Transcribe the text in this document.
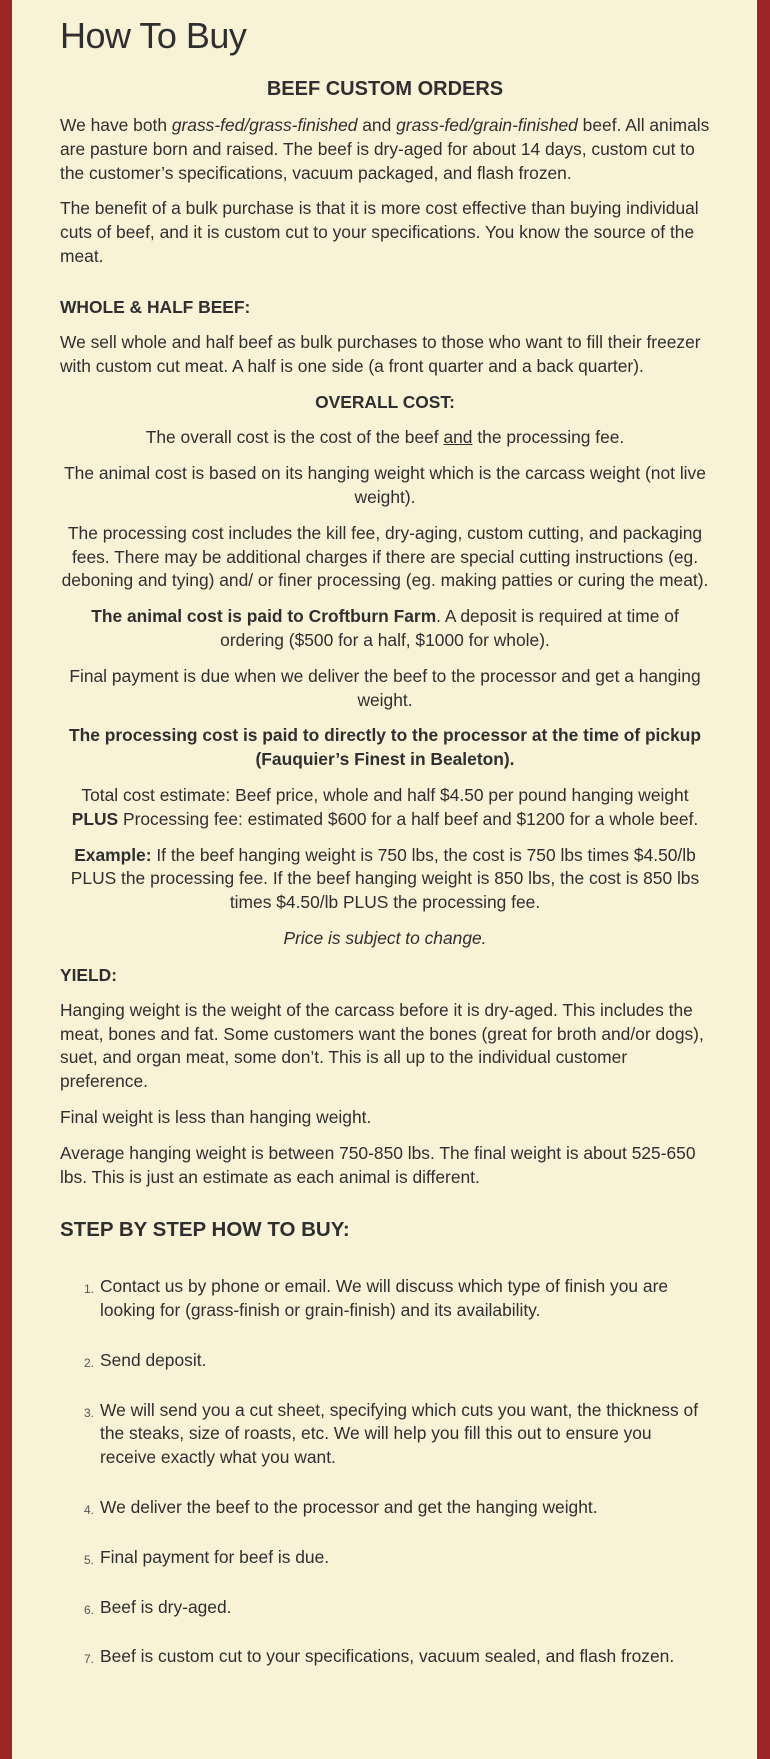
How To Buy
BEEF CUSTOM ORDERS

We have both grass-fed/grass-finished and grass-fed/grain-finished beef. All animals are pasture born and raised. The beef is dry-aged for about 14 days, custom cut to the customer’s specifications, vacuum packaged, and flash frozen.

The benefit of a bulk purchase is that it is more cost effective than buying individual cuts of beef, and it is custom cut to your specifications. You know the source of the meat.

WHOLE & HALF BEEF:

We sell whole and half beef as bulk purchases to those who want to fill their freezer with custom cut meat. A half is one side (a front quarter and a back quarter).

OVERALL COST:

The overall cost is the cost of the beef and the processing fee.

The animal cost is based on its hanging weight which is the carcass weight (not live weight).

The processing cost includes the kill fee, dry-aging, custom cutting, and packaging fees. There may be additional charges if there are special cutting instructions (eg. deboning and tying) and/ or finer processing (eg. making patties or curing the meat).

The animal cost is paid to Croftburn Farm. A deposit is required at time of ordering ($500 for a half, $1000 for whole).

Final payment is due when we deliver the beef to the processor and get a hanging weight.

The processing cost is paid to directly to the processor at the time of pickup (Fauquier’s Finest in Bealeton).

Total cost estimate: Beef price, whole and half $4.50 per pound hanging weight PLUS Processing fee: estimated $600 for a half beef and $1200 for a whole beef.

Example: If the beef hanging weight is 750 lbs, the cost is 750 lbs times $4.50/lb PLUS the processing fee. If the beef hanging weight is 850 lbs, the cost is 850 lbs times $4.50/lb PLUS the processing fee.

Price is subject to change.

YIELD:

Hanging weight is the weight of the carcass before it is dry-aged. This includes the meat, bones and fat. Some customers want the bones (great for broth and/or dogs), suet, and organ meat, some don’t. This is all up to the individual customer preference.

Final weight is less than hanging weight.

Average hanging weight is between 750-850 lbs. The final weight is about 525-650 lbs. This is just an estimate as each animal is different.

STEP BY STEP HOW TO BUY:
1. Contact us by phone or email. We will discuss which type of finish you are looking for (grass-finish or grain-finish) and its availability.
2. Send deposit.
3. We will send you a cut sheet, specifying which cuts you want, the thickness of the steaks, size of roasts, etc. We will help you fill this out to ensure you receive exactly what you want.
4. We deliver the beef to the processor and get the hanging weight.
5. Final payment for beef is due.
6. Beef is dry-aged.
7. Beef is custom cut to your specifications, vacuum sealed, and flash frozen.
